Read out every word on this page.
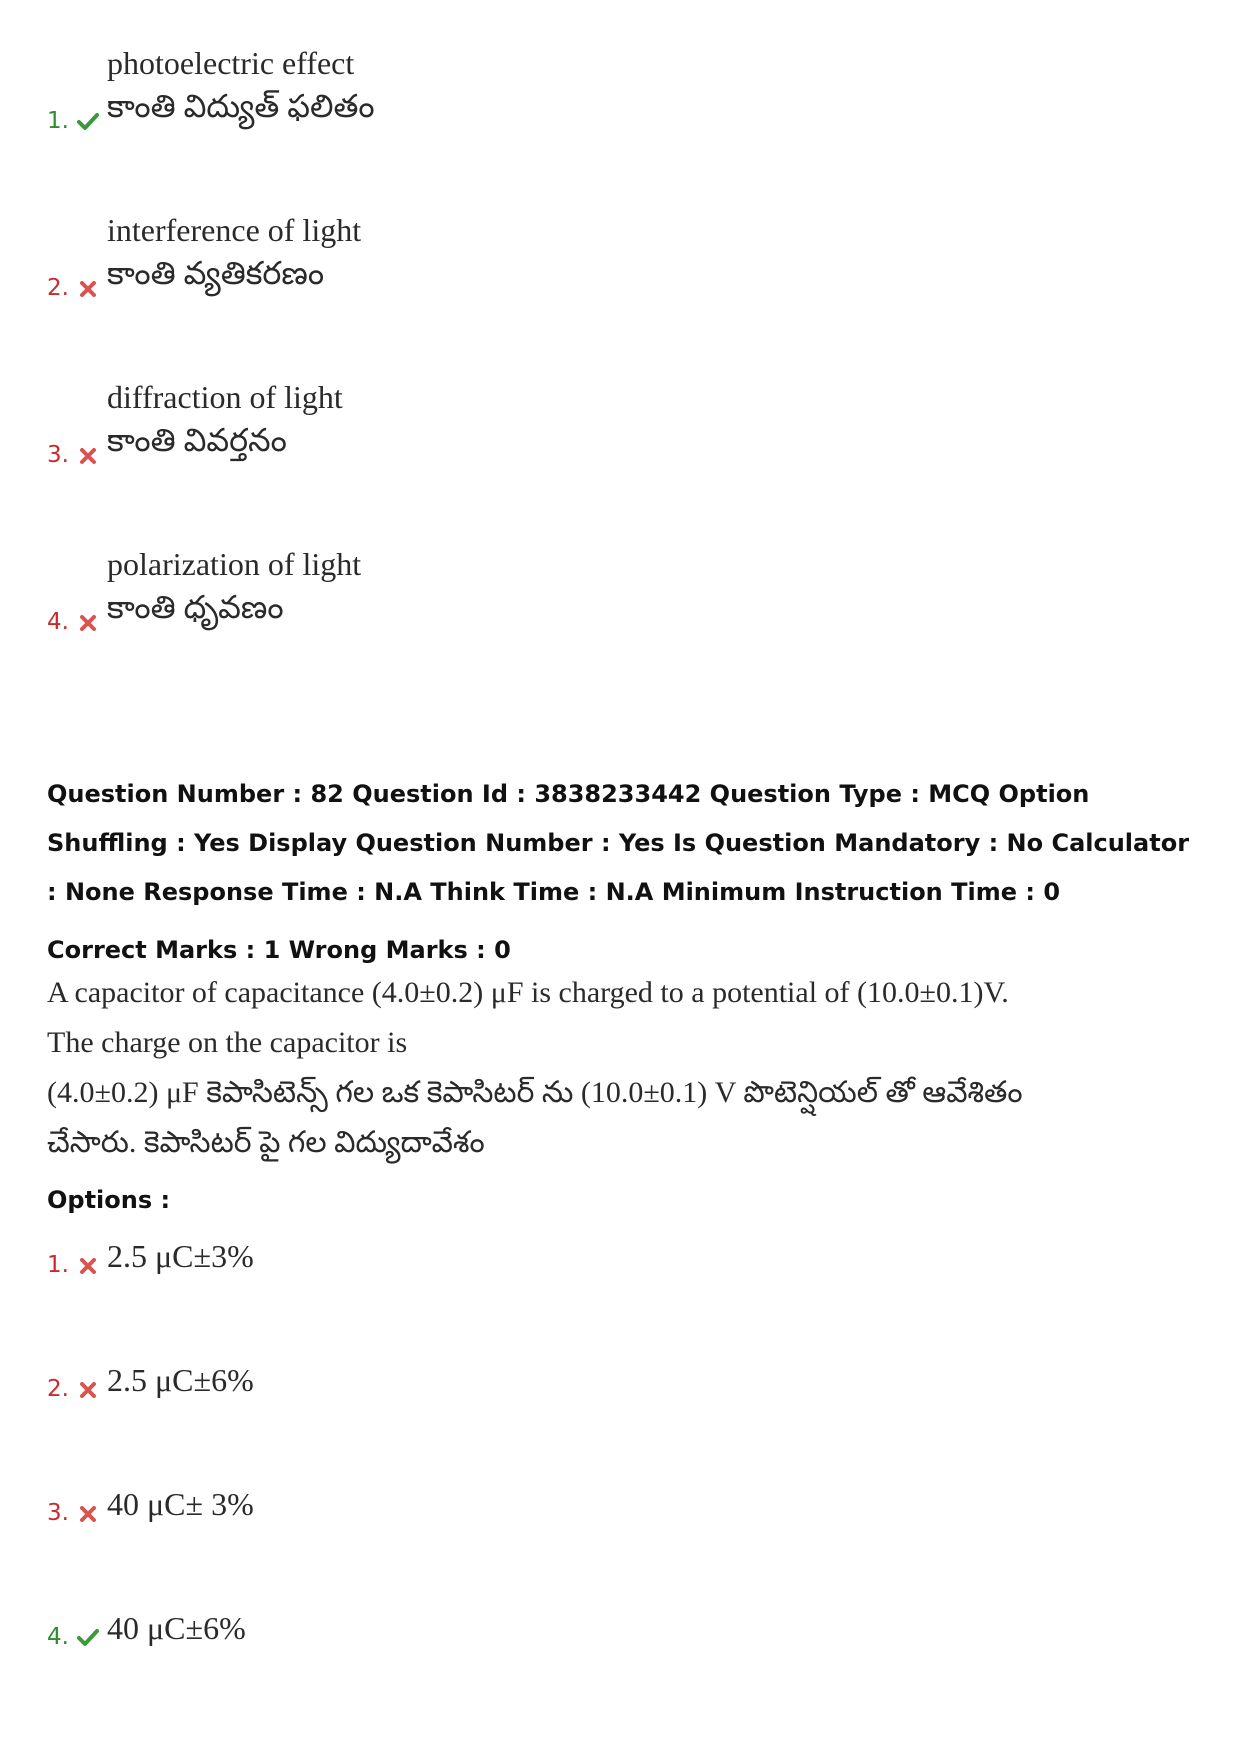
photoelectric effect
కాంతి విద్యుత్ ఫలితం
1.
interference of light
కాంతి వ్యతికరణం
2.
diffraction of light
కాంతి వివర్తనం
3.
polarization of light
కాంతి ధృవణం
4.
Question Number : 82 Question Id : 3838233442 Question Type : MCQ Option Shuffling : Yes Display Question Number : Yes Is Question Mandatory : No Calculator : None Response Time : N.A Think Time : N.A Minimum Instruction Time : 0
Correct Marks : 1 Wrong Marks : 0
A capacitor of capacitance (4.0±0.2) μF is charged to a potential of (10.0±0.1)V.
The charge on the capacitor is
(4.0±0.2) μF కెపాసిటెన్స్ గల ఒక కెపాసిటర్ ను (10.0±0.1) V పొటెన్షియల్ తో ఆవేశితం
చేసారు. కెపాసిటర్ పై గల విద్యుదావేశం
Options :
1. 2.5 μC±3%
2. 2.5 μC±6%
3. 40 μC± 3%
4. 40 μC±6%
